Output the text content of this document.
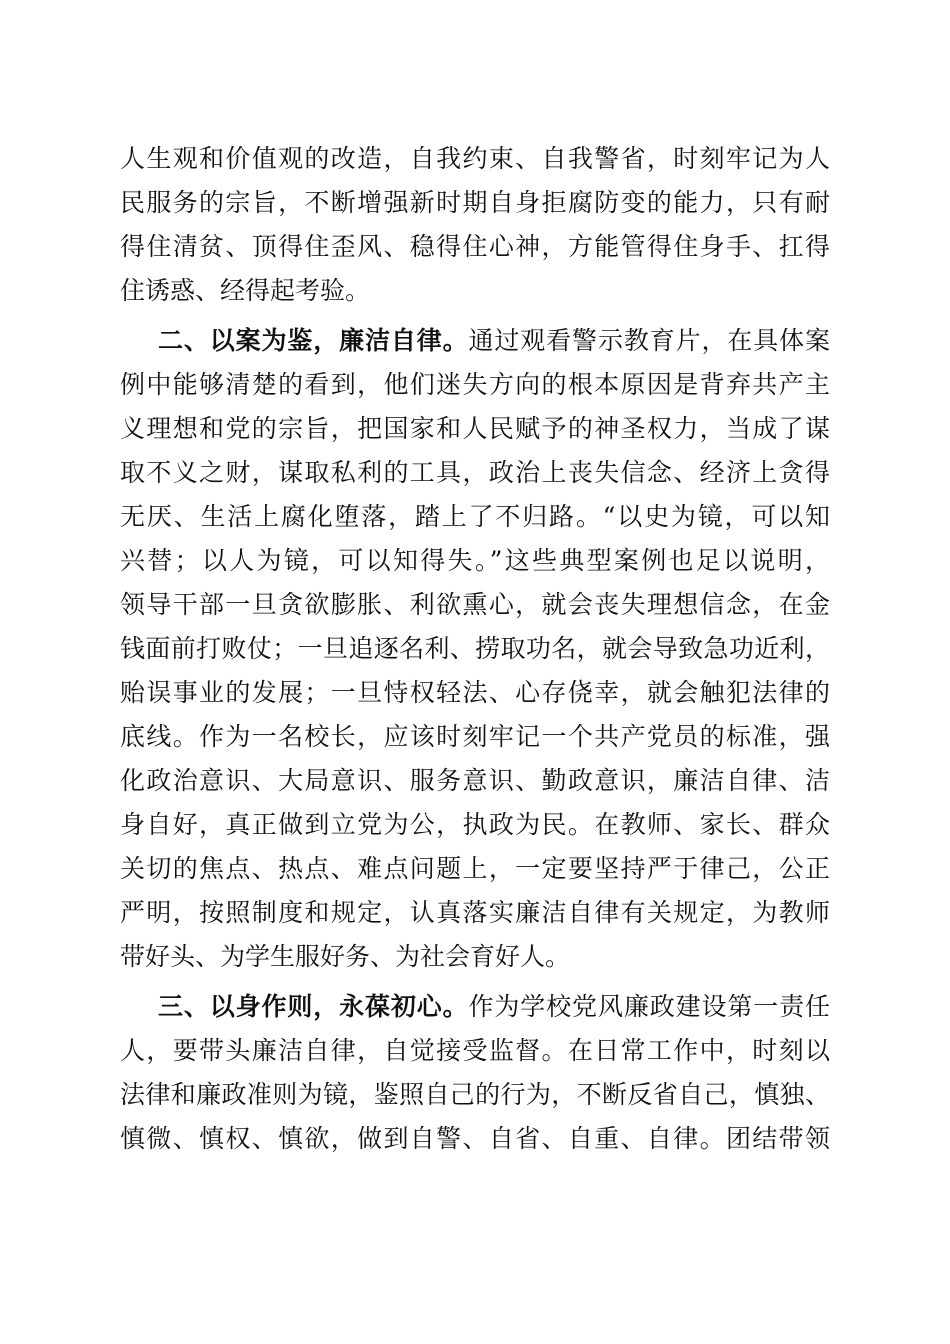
人生观和价值观的改造，自我约束、自我警省，时刻牢记为人
民服务的宗旨，不断增强新时期自身拒腐防变的能力，只有耐
得住清贫、顶得住歪风、稳得住心神，方能管得住身手、扛得
住诱惑、经得起考验。
二、以案为鉴，廉洁自律。通过观看警示教育片，在具体案
例中能够清楚的看到，他们迷失方向的根本原因是背弃共产主
义理想和党的宗旨，把国家和人民赋予的神圣权力，当成了谋
取不义之财，谋取私利的工具，政治上丧失信念、经济上贪得
无厌、生活上腐化堕落，踏上了不归路。“以史为镜，可以知
兴替；以人为镜，可以知得失。”这些典型案例也足以说明，
领导干部一旦贪欲膨胀、利欲熏心，就会丧失理想信念，在金
钱面前打败仗；一旦追逐名利、捞取功名，就会导致急功近利，
贻误事业的发展；一旦恃权轻法、心存侥幸，就会触犯法律的
底线。作为一名校长，应该时刻牢记一个共产党员的标准，强
化政治意识、大局意识、服务意识、勤政意识，廉洁自律、洁
身自好，真正做到立党为公，执政为民。在教师、家长、群众
关切的焦点、热点、难点问题上，一定要坚持严于律己，公正
严明，按照制度和规定，认真落实廉洁自律有关规定，为教师
带好头、为学生服好务、为社会育好人。
三、以身作则，永葆初心。作为学校党风廉政建设第一责任
人，要带头廉洁自律，自觉接受监督。在日常工作中，时刻以
法律和廉政准则为镜，鉴照自己的行为，不断反省自己，慎独、
慎微、慎权、慎欲，做到自警、自省、自重、自律。团结带领
